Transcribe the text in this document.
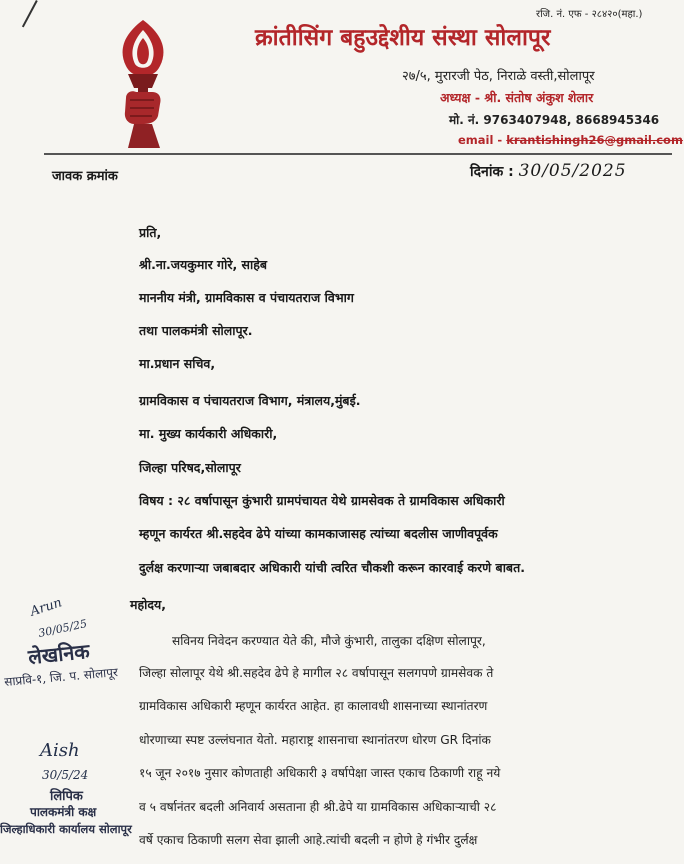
रजि. नं. एफ - २८४२०(महा.)
क्रांतीसिंग बहुउद्देशीय संस्था सोलापूर
२७/५, मुरारजी पेठ, निराळे वस्ती,सोलापूर
अध्यक्ष - श्री. संतोष अंकुश शेलार
मो. नं. 9763407948, 8668945346
email - krantishingh26@gmail.com
जावक क्रमांक	दिनांक : 30/05/2025
प्रति,
श्री.ना.जयकुमार गोरे, साहेब
माननीय मंत्री, ग्रामविकास व पंचायतराज विभाग
तथा पालकमंत्री सोलापूर.
मा.प्रधान सचिव,
ग्रामविकास व पंचायतराज विभाग, मंत्रालय,मुंबई.
मा. मुख्य कार्यकारी अधिकारी,
जिल्हा परिषद,सोलापूर
विषय : २८ वर्षापासून कुंभारी ग्रामपंचायत येथे ग्रामसेवक ते ग्रामविकास अधिकारी
म्हणून कार्यरत श्री.सहदेव ढेपे यांच्या कामकाजासह त्यांच्या बदलीस जाणीवपूर्वक
दुर्लक्ष करणाऱ्या जबाबदार अधिकारी यांची त्वरित चौकशी करून कारवाई करणे बाबत.
महोदय,
सविनय निवेदन करण्यात येते की, मौजे कुंभारी, तालुका दक्षिण सोलापूर,
जिल्हा सोलापूर येथे श्री.सहदेव ढेपे हे मागील २८ वर्षापासून सलगपणे ग्रामसेवक ते
ग्रामविकास अधिकारी म्हणून कार्यरत आहेत. हा कालावधी शासनाच्या स्थानांतरण
धोरणाच्या स्पष्ट उल्लंघनात येतो. महाराष्ट्र शासनाचा स्थानांतरण धोरण GR दिनांक
१५ जून २०१७ नुसार कोणताही अधिकारी ३ वर्षापेक्षा जास्त एकाच ठिकाणी राहू नये
व ५ वर्षानंतर बदली अनिवार्य असताना ही श्री.ढेपे या ग्रामविकास अधिकाऱ्याची २८
वर्षे एकाच ठिकाणी सलग सेवा झाली आहे.त्यांची बदली न होणे हे गंभीर दुर्लक्ष
Arun
30/05/25
लेखनिक
साप्रवि-१, जि. प. सोलापूर
Aish
30/5/24
लिपिक
पालकमंत्री कक्ष
जिल्हाधिकारी कार्यालय सोलापूर
